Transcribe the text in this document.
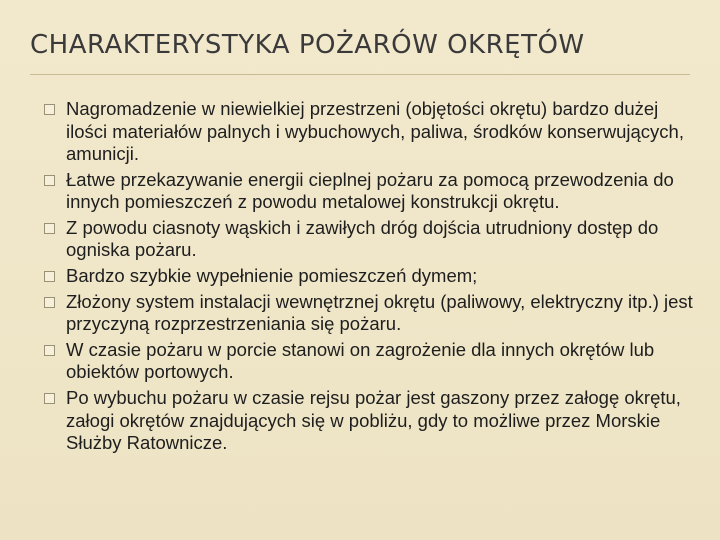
CHARAKTERYSTYKA POŻARÓW OKRĘTÓW
Nagromadzenie w niewielkiej przestrzeni (objętości okrętu) bardzo dużej ilości materiałów palnych i wybuchowych, paliwa, środków konserwujących, amunicji.
Łatwe przekazywanie energii cieplnej pożaru za pomocą przewodzenia do innych pomieszczeń z powodu metalowej konstrukcji okrętu.
Z powodu ciasnoty wąskich i zawiłych dróg dojścia utrudniony dostęp do ogniska pożaru.
Bardzo szybkie wypełnienie pomieszczeń dymem;
Złożony system instalacji wewnętrznej okrętu (paliwowy, elektryczny itp.) jest przyczyną rozprzestrzeniania się pożaru.
W czasie pożaru w porcie stanowi on zagrożenie dla innych okrętów lub obiektów portowych.
Po wybuchu pożaru w czasie rejsu pożar jest gaszony przez załogę okrętu, załogi okrętów znajdujących się w pobliżu, gdy to możliwe przez Morskie Służby Ratownicze.
